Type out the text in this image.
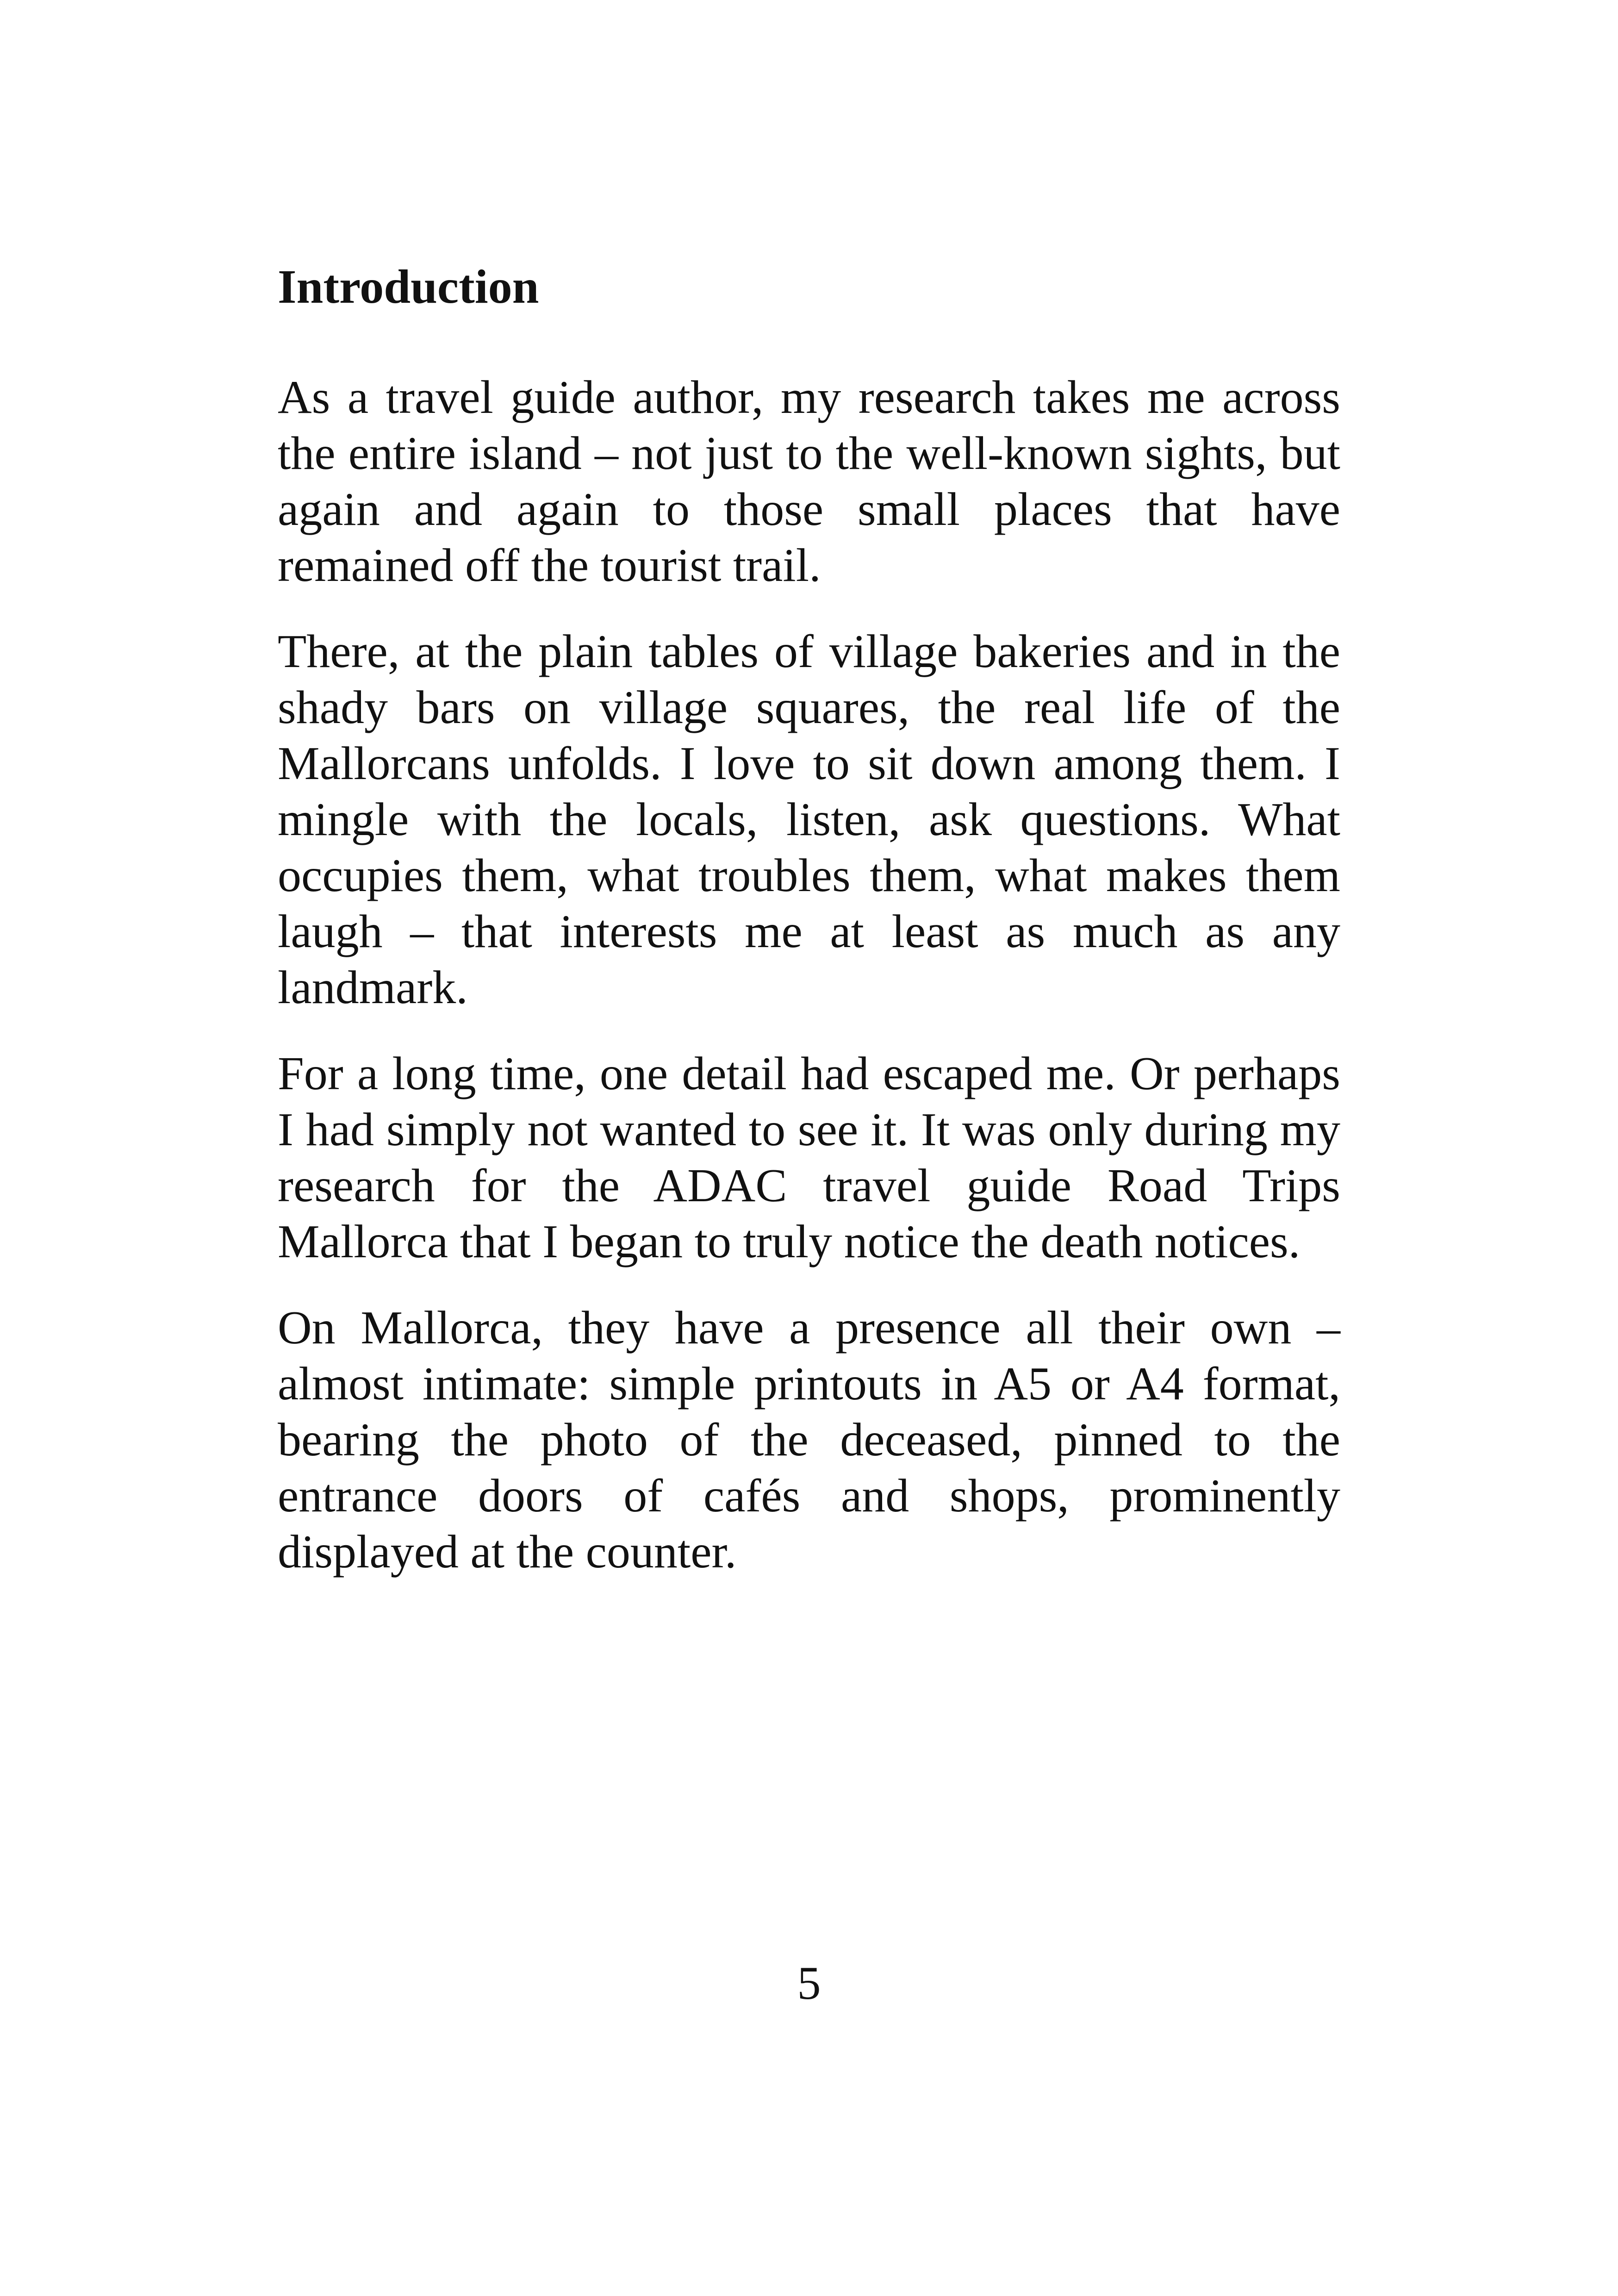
Introduction

As a travel guide author, my research takes me across the entire island – not just to the well-known sights, but again and again to those small places that have remained off the tourist trail.

There, at the plain tables of village bakeries and in the shady bars on village squares, the real life of the Mallorcans unfolds. I love to sit down among them. I mingle with the locals, listen, ask questions. What occupies them, what troubles them, what makes them laugh – that interests me at least as much as any landmark.

For a long time, one detail had escaped me. Or perhaps I had simply not wanted to see it. It was only during my research for the ADAC travel guide Road Trips Mallorca that I began to truly notice the death notices.

On Mallorca, they have a presence all their own – almost intimate: simple printouts in A5 or A4 format, bearing the photo of the deceased, pinned to the entrance doors of cafés and shops, prominently displayed at the counter.

5
